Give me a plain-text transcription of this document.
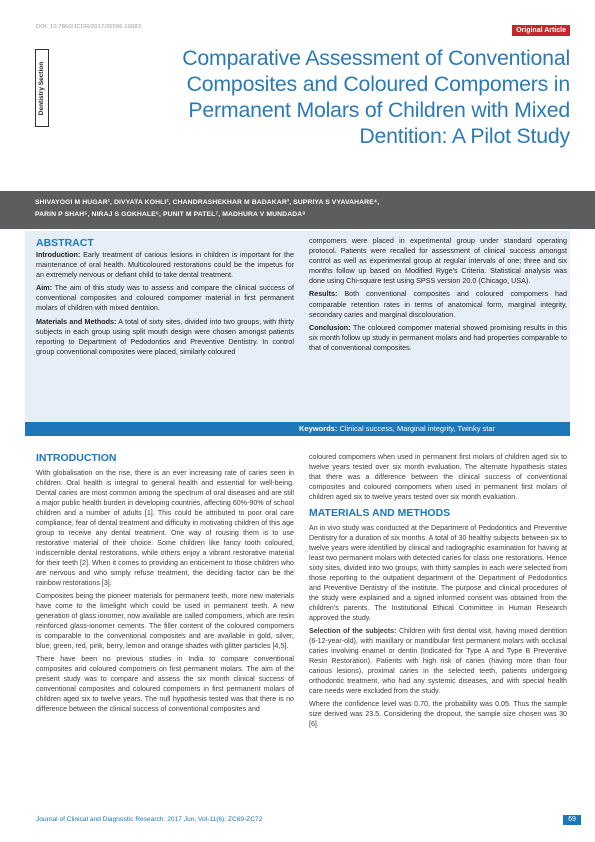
DOI: 10.7860/JCDR/2017/25596.10083	Original Article
Dentistry Section
Comparative Assessment of Conventional Composites and Coloured Compomers in Permanent Molars of Children with Mixed Dentition: A Pilot Study
SHIVAYOGI M HUGAR¹, DIVYATA KOHLI², CHANDRASHEKHAR M BADAKAR³, SUPRIYA S VYAVAHARE⁴,
PARIN P SHAH⁵, NIRAJ S GOKHALE⁶, PUNIT M PATEL⁷, MADHURA V MUNDADA⁸
ABSTRACT

Introduction: Early treatment of carious lesions in children is important for the maintenance of oral health. Multicoloured restorations could be the impetus for an extremely nervous or defiant child to take dental treatment.

Aim: The aim of this study was to assess and compare the clinical success of conventional composites and coloured compomer material in first permanent molars of children with mixed dentition.

Materials and Methods: A total of sixty sites, divided into two groups, with thirty subjects in each group using split mouth design were chosen amongst patients reporting to Department of Pedodontics and Preventive Dentistry. In control group conventional composites were placed, similarly coloured

compomers were placed in experimental group under standard operating protocol. Patients were recalled for assessment of clinical success amongst control as well as experimental group at regular intervals of one; three and six months follow up based on Modified Ryge's Criteria. Statistical analysis was done using Chi-square test using SPSS version 20.0 (Chicago, USA).

Results: Both conventional composites and coloured compomers had comparable retention rates in terms of anatomical form, marginal integrity, secondary caries and marginal discolouration.

Conclusion: The coloured compomer material showed promising results in this six month follow up study in permanent molars and had properties comparable to that of conventional composites.

Keywords: Clinical success, Marginal integrity, Twinky star
INTRODUCTION

With globalisation on the rise, there is an ever increasing rate of caries seen in children. Oral health is integral to general health and essential for well-being. Dental caries are most common among the spectrum of oral diseases and are still a major public health burden in developing countries, affecting 60%-90% of school children and a number of adults [1]. This could be attributed to poor oral care compliance, fear of dental treatment and difficulty in motivating children of this age group to receive any dental treatment. One way of rousing them is to use restorative material of their choice. Some children like fancy tooth coloured, indiscernible dental restorations, while others enjoy a vibrant restorative material for their teeth [2]. When it comes to providing an enticement to those children who are nervous and who simply refuse treatment, the deciding factor can be the rainbow restorations [3].

Composites being the pioneer materials for permanent teeth, more new materials have come to the limelight which could be used in permanent teeth. A new generation of glass ionomer, now available are called compomers, which are resin reinforced glass-ionomer cements. The filler content of the coloured compomers is comparable to the conventional composites and are available in gold, silver, blue, green, red, pink, berry, lemon and orange shades with glitter particles [4,5].

There have been no previous studies in India to compare conventional composites and coloured compomers on first permanent molars. The aim of the present study was to compare and assess the six month clinical success of conventional composites and coloured compomers in first permanent molars of children aged six to twelve years. The null hypothesis tested was that there is no difference between the clinical success of conventional composites and

coloured compomers when used in permanent first molars of children aged six to twelve years tested over six month evaluation. The alternate hypothesis states that there was a difference between the clinical success of conventional composites and coloured compomers when used in permanent first molars of children aged six to twelve years tested over six month evaluation.

MATERIALS AND METHODS

An in vivo study was conducted at the Department of Pedodontics and Preventive Dentistry for a duration of six months. A total of 30 healthy subjects between six to twelve years were identified by clinical and radiographic examination for having at least two permanent molars with detected caries for class one restorations. Hence sixty sites, divided into two groups, with thirty samples in each were selected from those reporting to the outpatient department of the Department of Pedodontics and Preventive Dentistry of the institute. The purpose and clinical procedures of the study were explained and a signed informed consent was obtained from the children's parents. The Institutional Ethical Committee in Human Research approved the study.

Selection of the subjects: Children with first dental visit, having mixed dentition (6-12-year-old), with maxillary or mandibular first permanent molars with occlusal caries involving enamel or dentin (Indicated for Type A and Type B Preventive Resin Restoration). Patients with high risk of caries (having more than four carious lesions), proximal caries in the selected teeth, patients undergoing orthodontic treatment, who had any systemic diseases, and with special health care needs were excluded from the study.

Where the confidence level was 0.70, the probability was 0.05. Thus the sample size derived was 23.5. Considering the dropout, the sample size chosen was 30 [6].

Journal of Clinical and Diagnostic Research. 2017 Jun, Vol-11(6): ZC69-ZC72	69
